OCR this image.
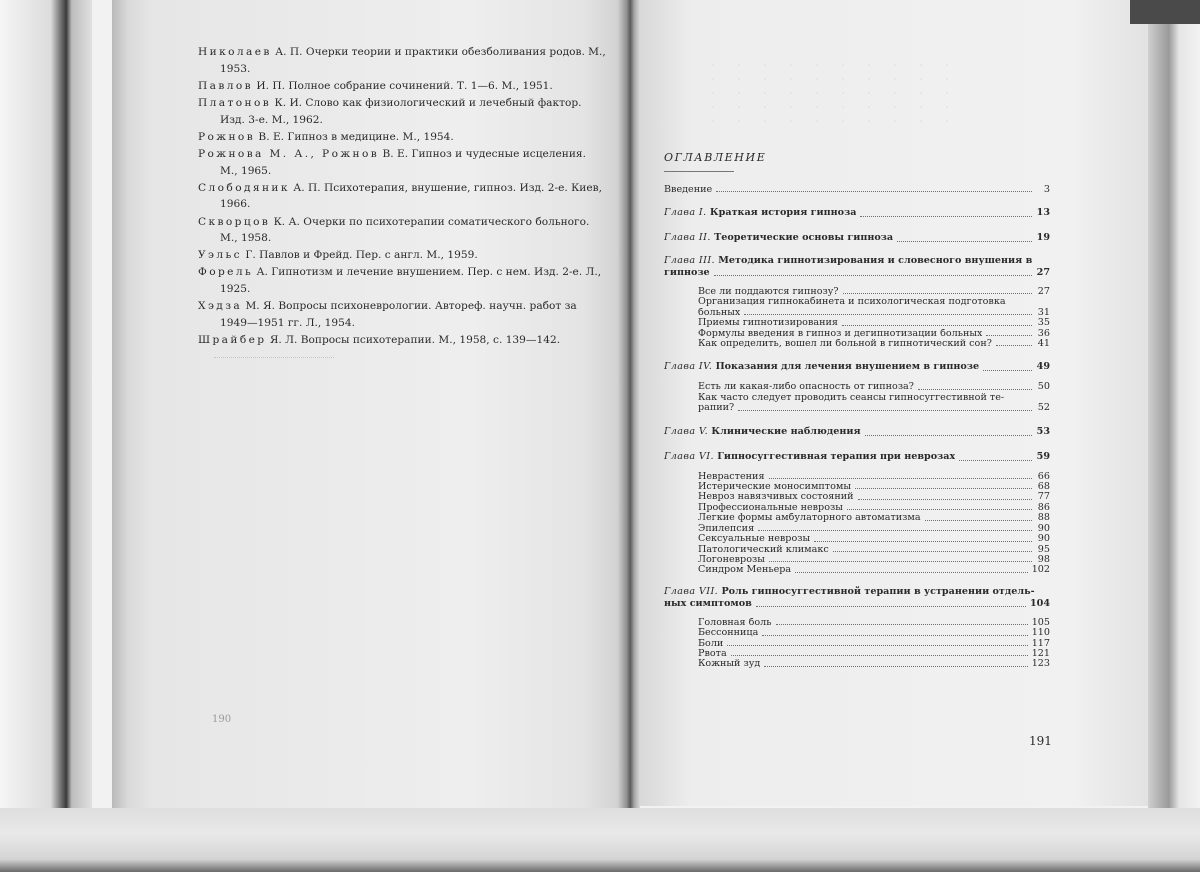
Николаев А. П. Очерки теории и практики обезболивания родов. М., 1953.
Павлов И. П. Полное собрание сочинений. Т. 1—6. М., 1951.
Платонов К. И. Слово как физиологический и лечебный фактор. Изд. 3-е. М., 1962.
Рожнов В. Е. Гипноз в медицине. М., 1954.
Рожнова М. А., Рожнов В. Е. Гипноз и чудесные исцеления. М., 1965.
Слободяник А. П. Психотерапия, внушение, гипноз. Изд. 2-е. Киев, 1966.
Скворцов К. А. Очерки по психотерапии соматического больного. М., 1958.
Уэльс Г. Павлов и Фрейд. Пер. с англ. М., 1959.
Форель А. Гипнотизм и лечение внушением. Пер. с нем. Изд. 2-е. Л., 1925.
Хэдза М. Я. Вопросы психоневрологии. Автореф. научн. работ за 1949—1951 гг. Л., 1954.
Шрайбер Я. Л. Вопросы психотерапии. М., 1958, с. 139—142.
190
ОГЛАВЛЕНИЕ
Введение	3
Глава I. Краткая история гипноза	13
Глава II. Теоретические основы гипноза	19
Глава III. Методика гипнотизирования и словесного внушения в
гипнозе	27
Все ли поддаются гипнозу?	27
Организация гипнокабинета и психологическая подготовка
больных	31
Приемы гипнотизирования	35
Формулы введения в гипноз и дегипнотизации больных	36
Как определить, вошел ли больной в гипнотический сон?	41
Глава IV. Показания для лечения внушением в гипнозе	49
Есть ли какая-либо опасность от гипноза?	50
Как часто следует проводить сеансы гипносуггестивной те-
рапии?	52
Глава V. Клинические наблюдения	53
Глава VI. Гипносуггестивная терапия при неврозах	59
Неврастения	66
Истерические моносимптомы	68
Невроз навязчивых состояний	77
Профессиональные неврозы	86
Легкие формы амбулаторного автоматизма	88
Эпилепсия	90
Сексуальные неврозы	90
Патологический климакс	95
Логоневрозы	98
Синдром Меньера	102
Глава VII. Роль гипносуггестивной терапии в устранении отдель-
ных симптомов	104
Головная боль	105
Бессонница	110
Боли	117
Рвота	121
Кожный зуд	123
191
